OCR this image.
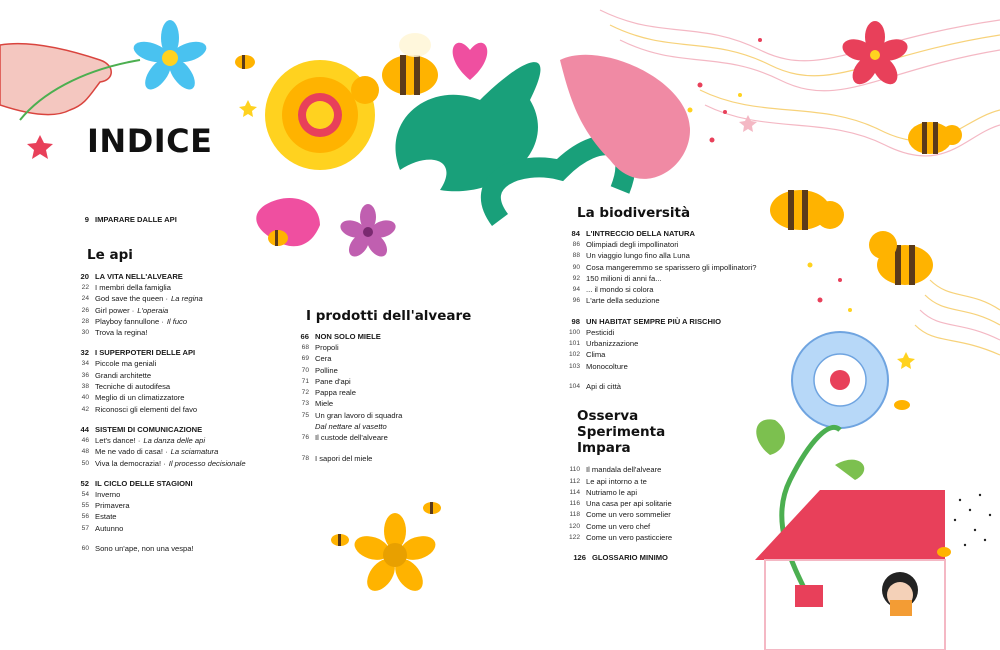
INDICE
9 IMPARARE DALLE API
Le api
20 LA VITA NELL'ALVEARE
22 I membri della famiglia
24 God save the queen · La regina
26 Girl power · L'operaia
28 Playboy fannullone · Il fuco
30 Trova la regina!
32 I SUPERPOTERI DELLE API
34 Piccole ma geniali
36 Grandi architette
38 Tecniche di autodifesa
40 Meglio di un climatizzatore
42 Riconosci gli elementi del favo
44 SISTEMI DI COMUNICAZIONE
46 Let's dance! · La danza delle api
48 Me ne vado di casa! · La sciamatura
50 Viva la democrazia! · Il processo decisionale
52 IL CICLO DELLE STAGIONI
54 Inverno
55 Primavera
56 Estate
57 Autunno
60 Sono un'ape, non una vespa!
I prodotti dell'alveare
66 NON SOLO MIELE
68 Propoli
69 Cera
70 Polline
71 Pane d'api
72 Pappa reale
73 Miele
75 Un gran lavoro di squadra
Dal nettare al vasetto
76 Il custode dell'alveare
78 I sapori del miele
La biodiversità
84 L'INTRECCIO DELLA NATURA
86 Olimpiadi degli impollinatori
88 Un viaggio lungo fino alla Luna
90 Cosa mangeremmo se sparissero gli impollinatori?
92 150 milioni di anni fa...
94 ... il mondo si colora
96 L'arte della seduzione
98 UN HABITAT SEMPRE PIÙ A RISCHIO
100 Pesticidi
101 Urbanizzazione
102 Clima
103 Monocolture
104 Api di città
Osserva
Sperimenta
Impara
110 Il mandala dell'alveare
112 Le api intorno a te
114 Nutriamo le api
116 Una casa per api solitarie
118 Come un vero sommelier
120 Come un vero chef
122 Come un vero pasticciere
126 GLOSSARIO MINIMO
